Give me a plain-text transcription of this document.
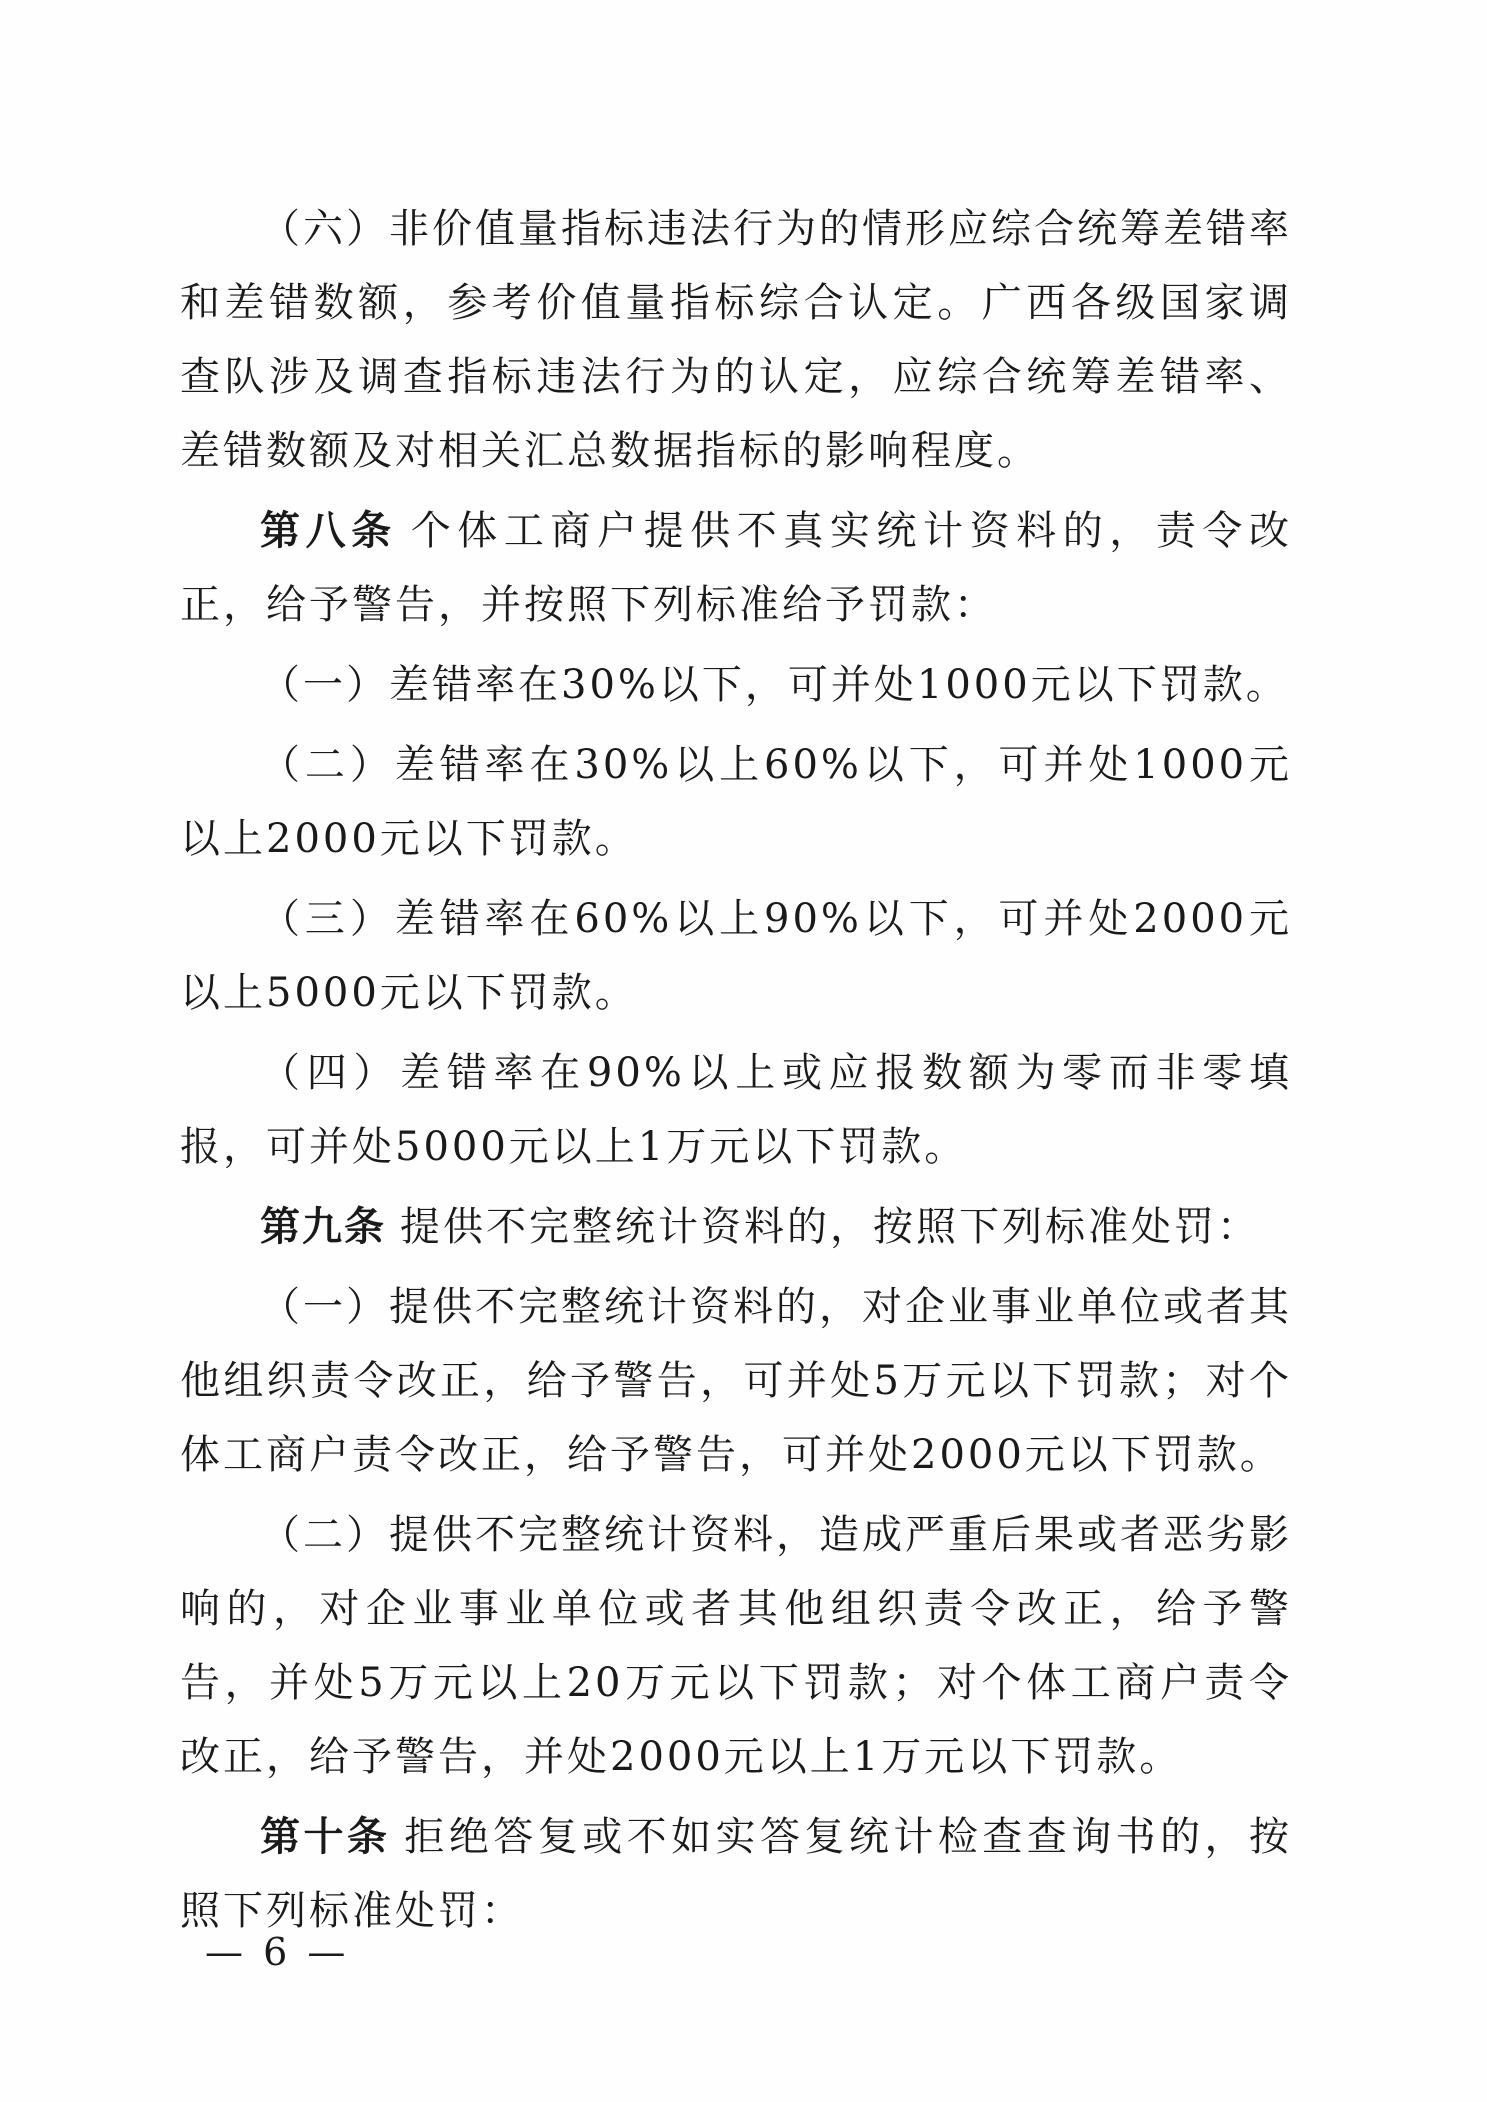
（六）非价值量指标违法行为的情形应综合统筹差错率和差错数额，参考价值量指标综合认定。广西各级国家调查队涉及调查指标违法行为的认定，应综合统筹差错率、差错数额及对相关汇总数据指标的影响程度。

第八条 个体工商户提供不真实统计资料的，责令改正，给予警告，并按照下列标准给予罚款：

（一）差错率在30%以下，可并处1000元以下罚款。

（二）差错率在30%以上60%以下，可并处1000元以上2000元以下罚款。

（三）差错率在60%以上90%以下，可并处2000元以上5000元以下罚款。

（四）差错率在90%以上或应报数额为零而非零填报，可并处5000元以上1万元以下罚款。

第九条 提供不完整统计资料的，按照下列标准处罚：

（一）提供不完整统计资料的，对企业事业单位或者其他组织责令改正，给予警告，可并处5万元以下罚款；对个体工商户责令改正，给予警告，可并处2000元以下罚款。

（二）提供不完整统计资料，造成严重后果或者恶劣影响的，对企业事业单位或者其他组织责令改正，给予警告，并处5万元以上20万元以下罚款；对个体工商户责令改正，给予警告，并处2000元以上1万元以下罚款。

第十条 拒绝答复或不如实答复统计检查查询书的，按照下列标准处罚：

— 6 —
